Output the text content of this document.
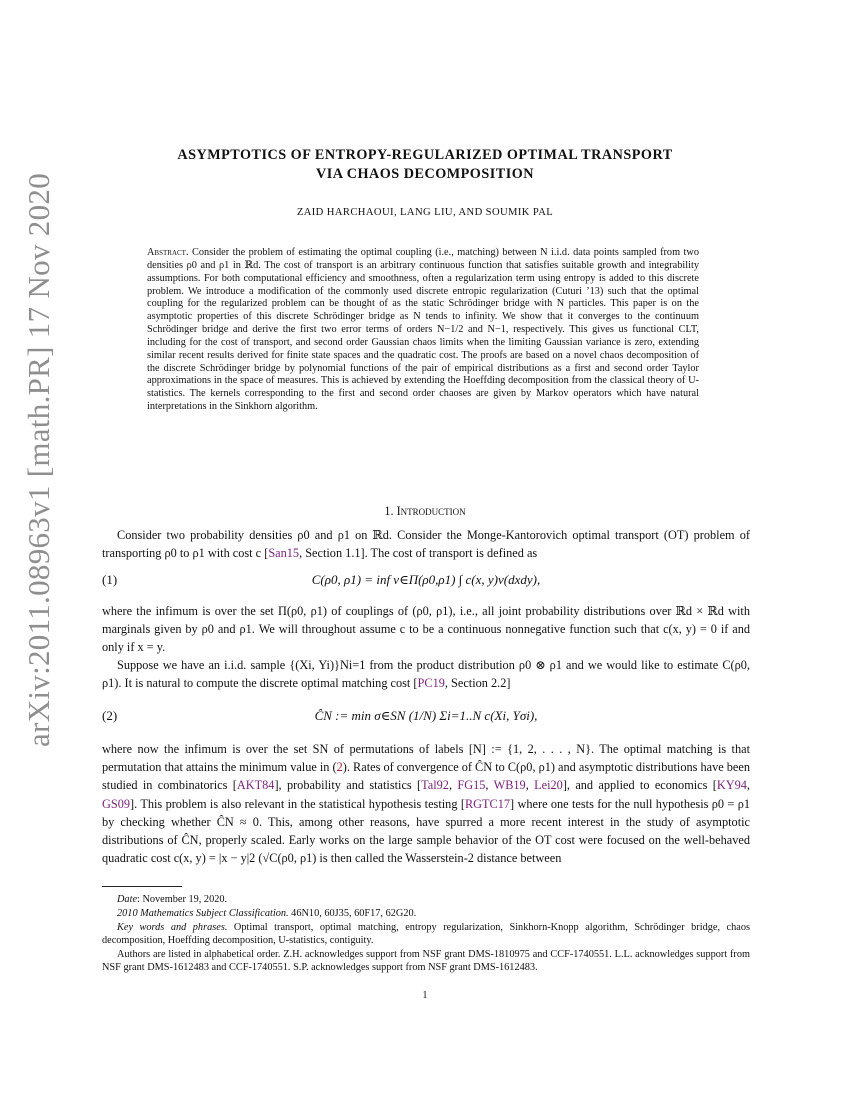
arXiv:2011.08963v1 [math.PR] 17 Nov 2020
ASYMPTOTICS OF ENTROPY-REGULARIZED OPTIMAL TRANSPORT
VIA CHAOS DECOMPOSITION
ZAID HARCHAOUI, LANG LIU, AND SOUMIK PAL
Abstract. Consider the problem of estimating the optimal coupling (i.e., matching) between N i.i.d. data points sampled from two densities ρ0 and ρ1 in ℝd. The cost of transport is an arbitrary continuous function that satisfies suitable growth and integrability assumptions. For both computational efficiency and smoothness, often a regularization term using entropy is added to this discrete problem. We introduce a modification of the commonly used discrete entropic regularization (Cuturi ’13) such that the optimal coupling for the regularized problem can be thought of as the static Schrödinger bridge with N particles. This paper is on the asymptotic properties of this discrete Schrödinger bridge as N tends to infinity. We show that it converges to the continuum Schrödinger bridge and derive the first two error terms of orders N−1/2 and N−1, respectively. This gives us functional CLT, including for the cost of transport, and second order Gaussian chaos limits when the limiting Gaussian variance is zero, extending similar recent results derived for finite state spaces and the quadratic cost. The proofs are based on a novel chaos decomposition of the discrete Schrödinger bridge by polynomial functions of the pair of empirical distributions as a first and second order Taylor approximations in the space of measures. This is achieved by extending the Hoeffding decomposition from the classical theory of U-statistics. The kernels corresponding to the first and second order chaoses are given by Markov operators which have natural interpretations in the Sinkhorn algorithm.
1. Introduction
Consider two probability densities ρ0 and ρ1 on ℝd. Consider the Monge-Kantorovich optimal transport (OT) problem of transporting ρ0 to ρ1 with cost c [San15, Section 1.1]. The cost of transport is defined as
(1)	C(ρ0, ρ1) = inf ν∈Π(ρ0,ρ1) ∫ c(x, y)ν(dxdy),
where the infimum is over the set Π(ρ0, ρ1) of couplings of (ρ0, ρ1), i.e., all joint probability distributions over ℝd × ℝd with marginals given by ρ0 and ρ1. We will throughout assume c to be a continuous nonnegative function such that c(x, y) = 0 if and only if x = y.
Suppose we have an i.i.d. sample {(Xi, Yi)}Ni=1 from the product distribution ρ0 ⊗ ρ1 and we would like to estimate C(ρ0, ρ1). It is natural to compute the discrete optimal matching cost [PC19, Section 2.2]
(2)	ĈN := min σ∈SN (1/N) Σi=1..N c(Xi, Yσi),
where now the infimum is over the set SN of permutations of labels [N] := {1, 2, . . . , N}. The optimal matching is that permutation that attains the minimum value in (2). Rates of convergence of ĈN to C(ρ0, ρ1) and asymptotic distributions have been studied in combinatorics [AKT84], probability and statistics [Tal92, FG15, WB19, Lei20], and applied to economics [KY94, GS09]. This problem is also relevant in the statistical hypothesis testing [RGTC17] where one tests for the null hypothesis ρ0 = ρ1 by checking whether ĈN ≈ 0. This, among other reasons, have spurred a more recent interest in the study of asymptotic distributions of ĈN, properly scaled. Early works on the large sample behavior of the OT cost were focused on the well-behaved quadratic cost c(x, y) = |x − y|2 (√C(ρ0, ρ1) is then called the Wasserstein-2 distance between
Date: November 19, 2020.
2010 Mathematics Subject Classification. 46N10, 60J35, 60F17, 62G20.
Key words and phrases. Optimal transport, optimal matching, entropy regularization, Sinkhorn-Knopp algorithm, Schrödinger bridge, chaos decomposition, Hoeffding decomposition, U-statistics, contiguity.
Authors are listed in alphabetical order. Z.H. acknowledges support from NSF grant DMS-1810975 and CCF-1740551. L.L. acknowledges support from NSF grant DMS-1612483 and CCF-1740551. S.P. acknowledges support from NSF grant DMS-1612483.
1
